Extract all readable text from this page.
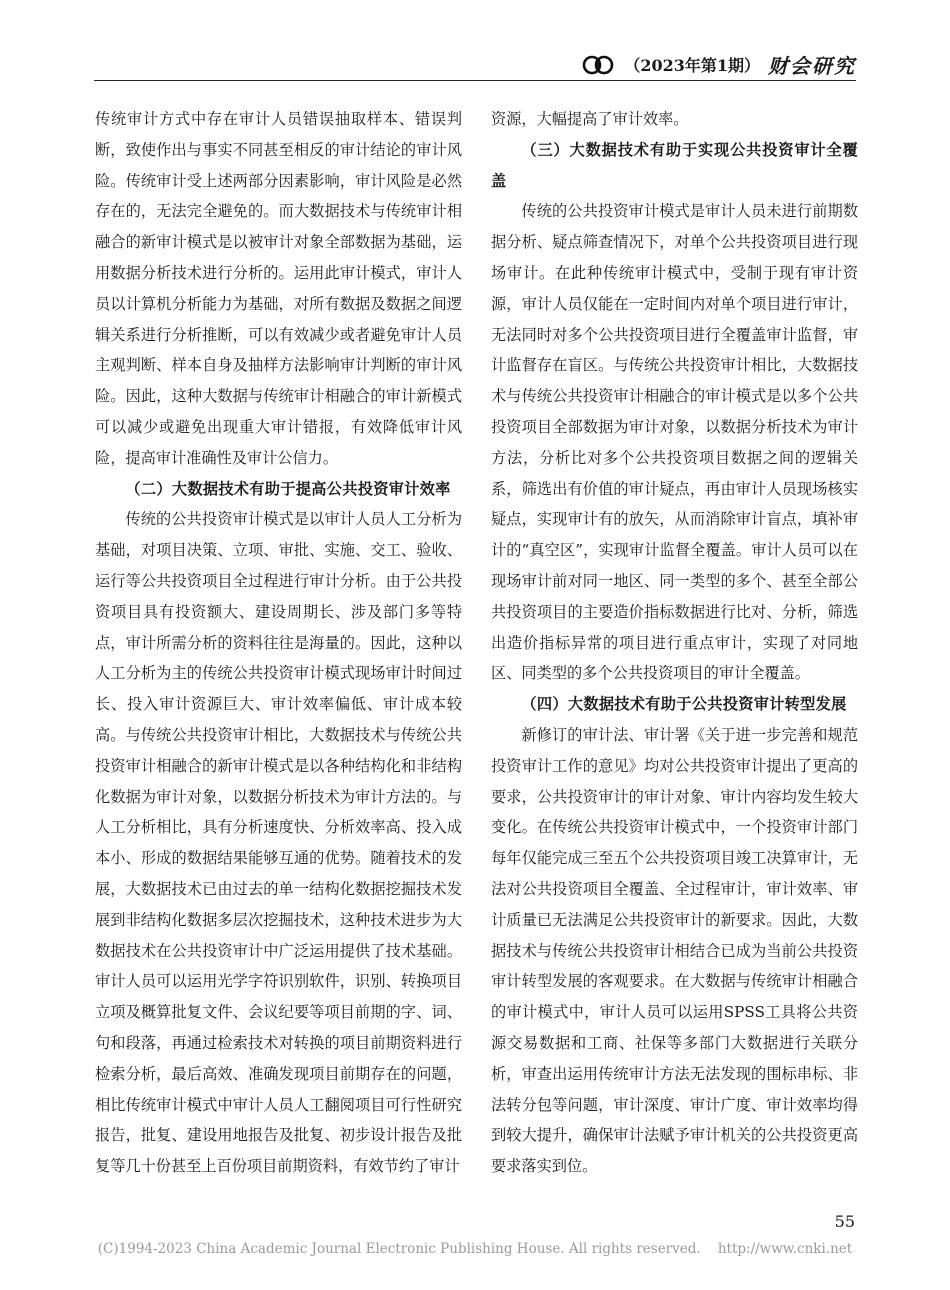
（2023年第1期） 财会研究

传统审计方式中存在审计人员错误抽取样本、错误判断，致使作出与事实不同甚至相反的审计结论的审计风险。传统审计受上述两部分因素影响，审计风险是必然存在的，无法完全避免的。而大数据技术与传统审计相融合的新审计模式是以被审计对象全部数据为基础，运用数据分析技术进行分析的。运用此审计模式，审计人员以计算机分析能力为基础，对所有数据及数据之间逻辑关系进行分析推断，可以有效减少或者避免审计人员主观判断、样本自身及抽样方法影响审计判断的审计风险。因此，这种大数据与传统审计相融合的审计新模式可以减少或避免出现重大审计错报，有效降低审计风险，提高审计准确性及审计公信力。

（二）大数据技术有助于提高公共投资审计效率

传统的公共投资审计模式是以审计人员人工分析为基础，对项目决策、立项、审批、实施、交工、验收、运行等公共投资项目全过程进行审计分析。由于公共投资项目具有投资额大、建设周期长、涉及部门多等特点，审计所需分析的资料往往是海量的。因此，这种以人工分析为主的传统公共投资审计模式现场审计时间过长、投入审计资源巨大、审计效率偏低、审计成本较高。与传统公共投资审计相比，大数据技术与传统公共投资审计相融合的新审计模式是以各种结构化和非结构化数据为审计对象，以数据分析技术为审计方法的。与人工分析相比，具有分析速度快、分析效率高、投入成本小、形成的数据结果能够互通的优势。随着技术的发展，大数据技术已由过去的单一结构化数据挖掘技术发展到非结构化数据多层次挖掘技术，这种技术进步为大数据技术在公共投资审计中广泛运用提供了技术基础。审计人员可以运用光学字符识别软件，识别、转换项目立项及概算批复文件、会议纪要等项目前期的字、词、句和段落，再通过检索技术对转换的项目前期资料进行检索分析，最后高效、准确发现项目前期存在的问题，相比传统审计模式中审计人员人工翻阅项目可行性研究报告，批复、建设用地报告及批复、初步设计报告及批复等几十份甚至上百份项目前期资料，有效节约了审计

资源，大幅提高了审计效率。

（三）大数据技术有助于实现公共投资审计全覆盖

传统的公共投资审计模式是审计人员未进行前期数据分析、疑点筛查情况下，对单个公共投资项目进行现场审计。在此种传统审计模式中，受制于现有审计资源，审计人员仅能在一定时间内对单个项目进行审计，无法同时对多个公共投资项目进行全覆盖审计监督，审计监督存在盲区。与传统公共投资审计相比，大数据技术与传统公共投资审计相融合的审计模式是以多个公共投资项目全部数据为审计对象，以数据分析技术为审计方法，分析比对多个公共投资项目数据之间的逻辑关系，筛选出有价值的审计疑点，再由审计人员现场核实疑点，实现审计有的放矢，从而消除审计盲点，填补审计的“真空区”，实现审计监督全覆盖。审计人员可以在现场审计前对同一地区、同一类型的多个、甚至全部公共投资项目的主要造价指标数据进行比对、分析，筛选出造价指标异常的项目进行重点审计，实现了对同地区、同类型的多个公共投资项目的审计全覆盖。

（四）大数据技术有助于公共投资审计转型发展

新修订的审计法、审计署《关于进一步完善和规范投资审计工作的意见》均对公共投资审计提出了更高的要求，公共投资审计的审计对象、审计内容均发生较大变化。在传统公共投资审计模式中，一个投资审计部门每年仅能完成三至五个公共投资项目竣工决算审计，无法对公共投资项目全覆盖、全过程审计，审计效率、审计质量已无法满足公共投资审计的新要求。因此，大数据技术与传统公共投资审计相结合已成为当前公共投资审计转型发展的客观要求。在大数据与传统审计相融合的审计模式中，审计人员可以运用SPSS工具将公共资源交易数据和工商、社保等多部门大数据进行关联分析，审查出运用传统审计方法无法发现的围标串标、非法转分包等问题，审计深度、审计广度、审计效率均得到较大提升，确保审计法赋予审计机关的公共投资更高要求落实到位。

55
(C)1994-2023 China Academic Journal Electronic Publishing House. All rights reserved.    http://www.cnki.net
